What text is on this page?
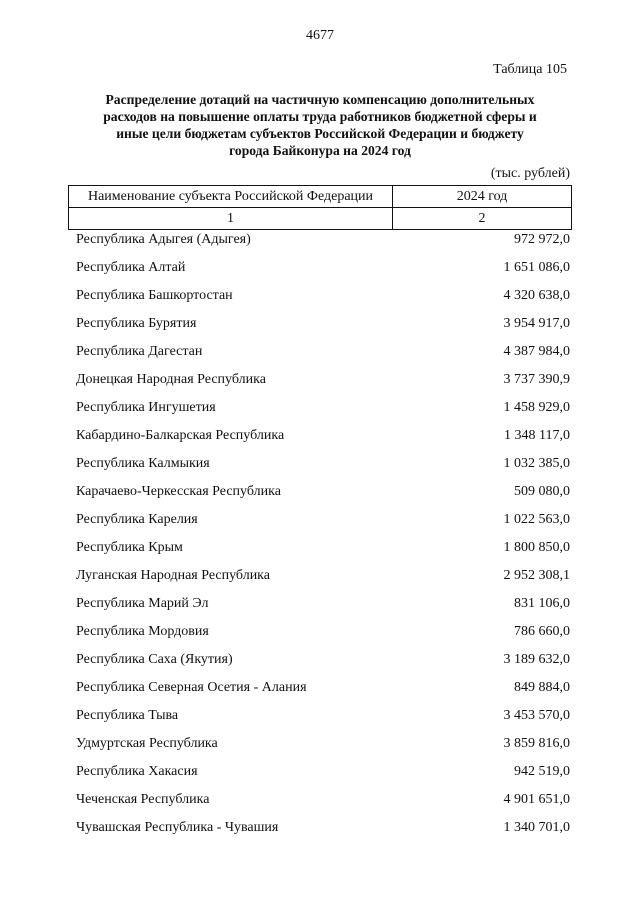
4677
Таблица 105
Распределение дотаций на частичную компенсацию дополнительных
расходов на повышение оплаты труда работников бюджетной сферы и
иные цели бюджетам субъектов Российской Федерации и бюджету
города Байконура на 2024 год
(тыс. рублей)
Наименование субъекта Российской Федерации	2024 год
1	2
Республика Адыгея (Адыгея)	972 972,0
Республика Алтай	1 651 086,0
Республика Башкортостан	4 320 638,0
Республика Бурятия	3 954 917,0
Республика Дагестан	4 387 984,0
Донецкая Народная Республика	3 737 390,9
Республика Ингушетия	1 458 929,0
Кабардино-Балкарская Республика	1 348 117,0
Республика Калмыкия	1 032 385,0
Карачаево-Черкесская Республика	509 080,0
Республика Карелия	1 022 563,0
Республика Крым	1 800 850,0
Луганская Народная Республика	2 952 308,1
Республика Марий Эл	831 106,0
Республика Мордовия	786 660,0
Республика Саха (Якутия)	3 189 632,0
Республика Северная Осетия - Алания	849 884,0
Республика Тыва	3 453 570,0
Удмуртская Республика	3 859 816,0
Республика Хакасия	942 519,0
Чеченская Республика	4 901 651,0
Чувашская Республика - Чувашия	1 340 701,0
